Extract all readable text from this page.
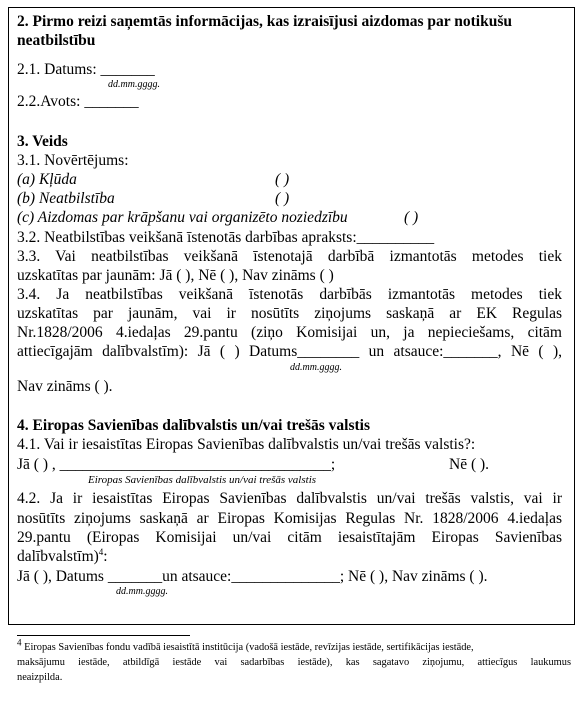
2. Pirmo reizi saņemtās informācijas, kas izraisījusi aizdomas par notikušu
neatbilstību
2.1. Datums: _______
dd.mm.gggg.
2.2.Avots: _______
3. Veids
3.1. Novērtējums:
(a) Kļūda	( )
(b) Neatbilstība	( )
(c) Aizdomas par krāpšanu vai organizēto noziedzību	( )
3.2. Neatbilstības veikšanā īstenotās darbības apraksts:__________
3.3. Vai neatbilstības veikšanā īstenotajā darbībā izmantotās metodes tiek
uzskatītas par jaunām: Jā ( ), Nē ( ), Nav zināms ( )
3.4. Ja neatbilstības veikšanā īstenotās darbībās izmantotās metodes tiek
uzskatītas par jaunām, vai ir nosūtīts ziņojums saskaņā ar EK Regulas
Nr.1828/2006 4.iedaļas 29.pantu (ziņo Komisijai un, ja nepieciešams, citām
attiecīgajām dalībvalstīm): Jā ( ) Datums________ un atsauce:_______, Nē ( ),
dd.mm.gggg.
Nav zināms ( ).
4. Eiropas Savienības dalībvalstis un/vai trešās valstis
4.1. Vai ir iesaistītas Eiropas Savienības dalībvalstis un/vai trešās valstis?:
Jā ( ) , ___________________________________;	Nē ( ).
Eiropas Savienības dalībvalstis un/vai trešās valstis
4.2. Ja ir iesaistītas Eiropas Savienības dalībvalstis un/vai trešās valstis, vai ir
nosūtīts ziņojums saskaņā ar Eiropas Komisijas Regulas Nr. 1828/2006 4.iedaļas
29.pantu (Eiropas Komisijai un/vai citām iesaistītajām Eiropas Savienības
dalībvalstīm)$^4$:
Jā ( ), Datums _______un atsauce:______________; Nē ( ), Nav zināms ( ).
dd.mm.gggg.
$^4$ Eiropas Savienības fondu vadībā iesaistītā institūcija (vadošā iestāde, revīzijas iestāde, sertifikācijas iestāde,
maksājumu iestāde, atbildīgā iestāde vai sadarbības iestāde), kas sagatavo ziņojumu, attiecīgus laukumus
neaizpilda.
